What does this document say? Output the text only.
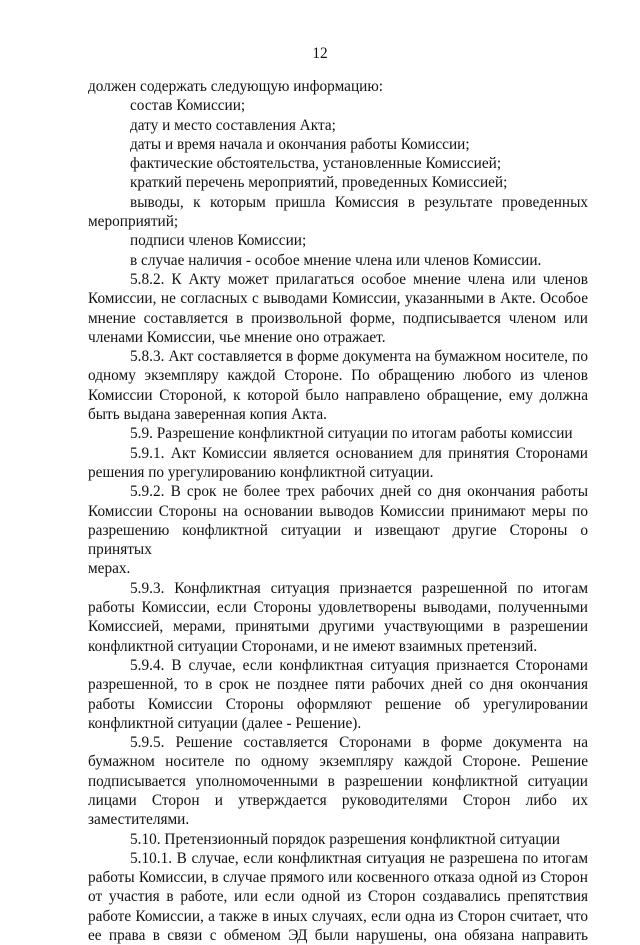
12
должен содержать следующую информацию:
состав Комиссии;
дату и место составления Акта;
даты и время начала и окончания работы Комиссии;
фактические обстоятельства, установленные Комиссией;
краткий перечень мероприятий, проведенных Комиссией;
выводы, к которым пришла Комиссия в результате проведенных
мероприятий;
подписи членов Комиссии;
в случае наличия - особое мнение члена или членов Комиссии.
5.8.2. К Акту может прилагаться особое мнение члена или членов
Комиссии, не согласных с выводами Комиссии, указанными в Акте. Особое
мнение составляется в произвольной форме, подписывается членом или
членами Комиссии, чье мнение оно отражает.
5.8.3. Акт составляется в форме документа на бумажном носителе, по
одному экземпляру каждой Стороне. По обращению любого из членов
Комиссии Стороной, к которой было направлено обращение, ему должна
быть выдана заверенная копия Акта.
5.9. Разрешение конфликтной ситуации по итогам работы комиссии
5.9.1. Акт Комиссии является основанием для принятия Сторонами
решения по урегулированию конфликтной ситуации.
5.9.2. В срок не более трех рабочих дней со дня окончания работы
Комиссии Стороны на основании выводов Комиссии принимают меры по
разрешению конфликтной ситуации и извещают другие Стороны о принятых
мерах.
5.9.3. Конфликтная ситуация признается разрешенной по итогам
работы Комиссии, если Стороны удовлетворены выводами, полученными
Комиссией, мерами, принятыми другими участвующими в разрешении
конфликтной ситуации Сторонами, и не имеют взаимных претензий.
5.9.4. В случае, если конфликтная ситуация признается Сторонами
разрешенной, то в срок не позднее пяти рабочих дней со дня окончания
работы Комиссии Стороны оформляют решение об урегулировании
конфликтной ситуации (далее - Решение).
5.9.5. Решение составляется Сторонами в форме документа на
бумажном носителе по одному экземпляру каждой Стороне. Решение
подписывается уполномоченными в разрешении конфликтной ситуации
лицами Сторон и утверждается руководителями Сторон либо их
заместителями.
5.10. Претензионный порядок разрешения конфликтной ситуации
5.10.1. В случае, если конфликтная ситуация не разрешена по итогам
работы Комиссии, в случае прямого или косвенного отказа одной из Сторон
от участия в работе, или если одной из Сторон создавались препятствия
работе Комиссии, а также в иных случаях, если одна из Сторон считает, что
ее права в связи с обменом ЭД были нарушены, она обязана направить
